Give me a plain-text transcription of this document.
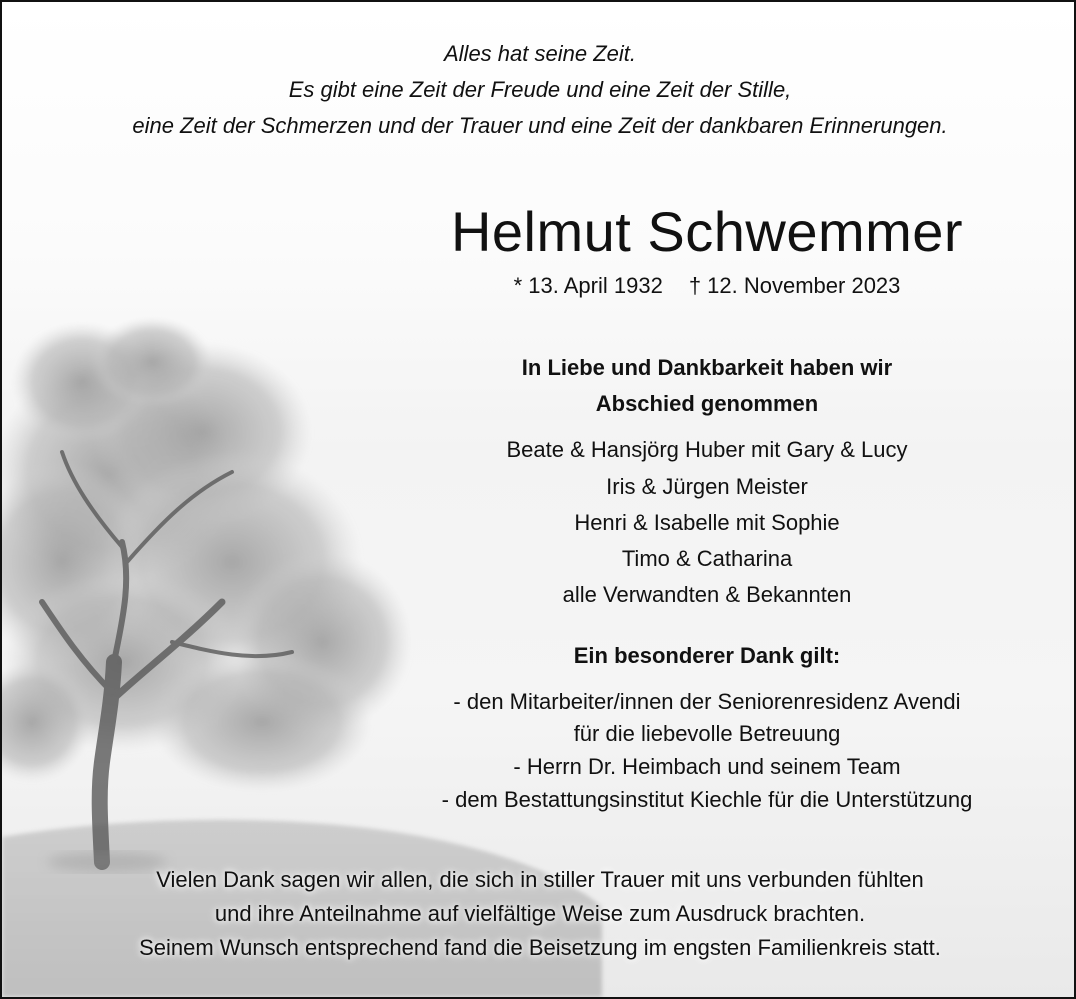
Alles hat seine Zeit.
Es gibt eine Zeit der Freude und eine Zeit der Stille,
eine Zeit der Schmerzen und der Trauer und eine Zeit der dankbaren Erinnerungen.
Helmut Schwemmer
* 13. April 1932 † 12. November 2023
In Liebe und Dankbarkeit haben wir
Abschied genommen
Beate & Hansjörg Huber mit Gary & Lucy
Iris & Jürgen Meister
Henri & Isabelle mit Sophie
Timo & Catharina
alle Verwandten & Bekannten
Ein besonderer Dank gilt:
- den Mitarbeiter/innen der Seniorenresidenz Avendi
für die liebevolle Betreuung
- Herrn Dr. Heimbach und seinem Team
- dem Bestattungsinstitut Kiechle für die Unterstützung
Vielen Dank sagen wir allen, die sich in stiller Trauer mit uns verbunden fühlten
und ihre Anteilnahme auf vielfältige Weise zum Ausdruck brachten.
Seinem Wunsch entsprechend fand die Beisetzung im engsten Familienkreis statt.
